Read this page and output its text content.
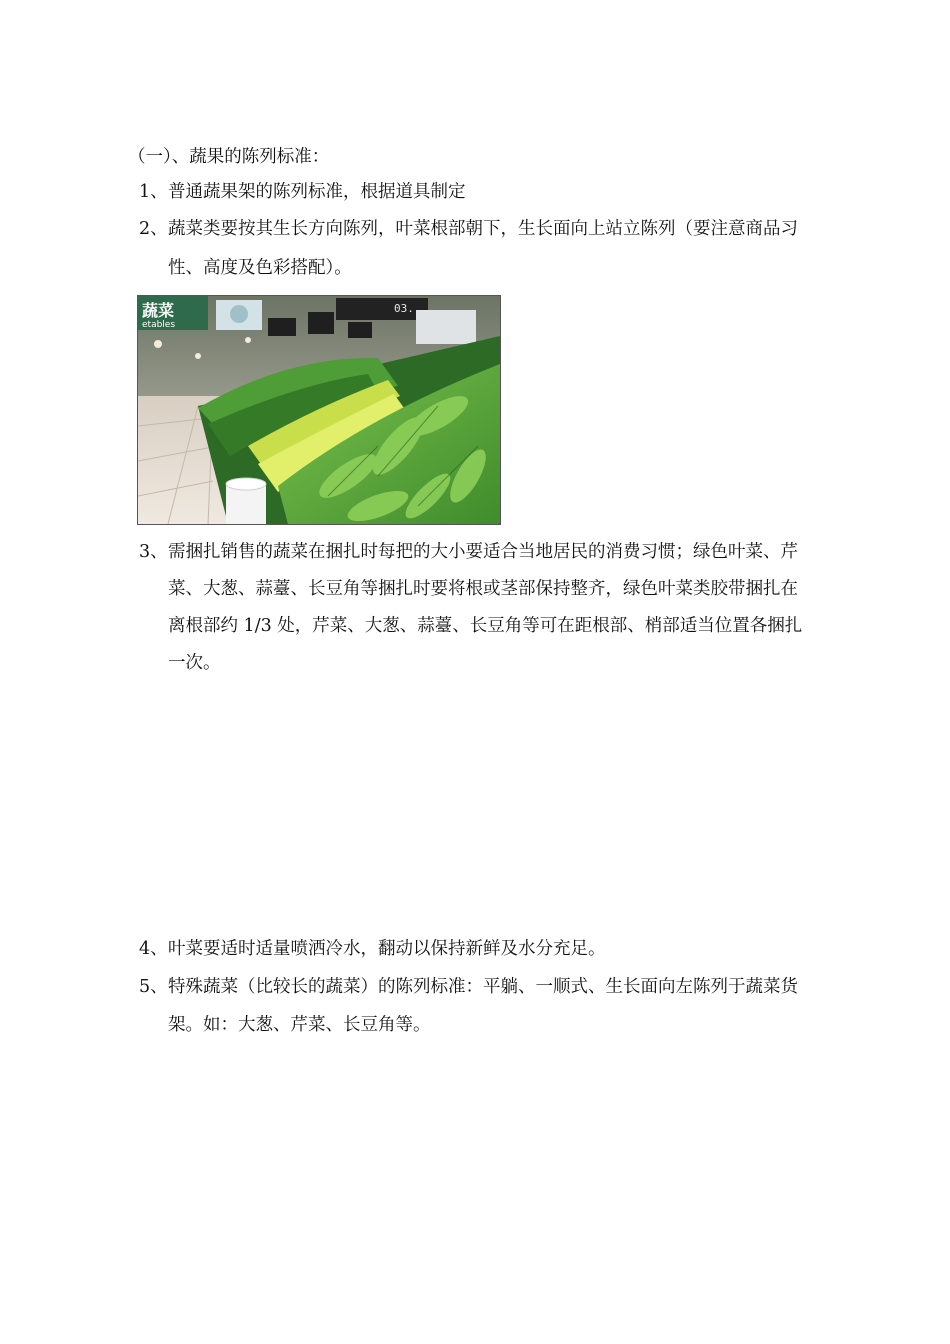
（一）、蔬果的陈列标准：
1、 普通蔬果架的陈列标准，根据道具制定
2、 蔬菜类要按其生长方向陈列，叶菜根部朝下，生长面向上站立陈列（要注意商品习
性、高度及色彩搭配）。
蔬菜
etables
03.
3、 需捆扎销售的蔬菜在捆扎时每把的大小要适合当地居民的消费习惯；绿色叶菜、芹
菜、大葱、蒜薹、长豆角等捆扎时要将根或茎部保持整齐，绿色叶菜类胶带捆扎在
离根部约 1/3 处，芹菜、大葱、蒜薹、长豆角等可在距根部、梢部适当位置各捆扎
一次。
4、 叶菜要适时适量喷洒冷水，翻动以保持新鲜及水分充足。
5、 特殊蔬菜（比较长的蔬菜）的陈列标准：平躺、一顺式、生长面向左陈列于蔬菜货
架。如：大葱、芹菜、长豆角等。
